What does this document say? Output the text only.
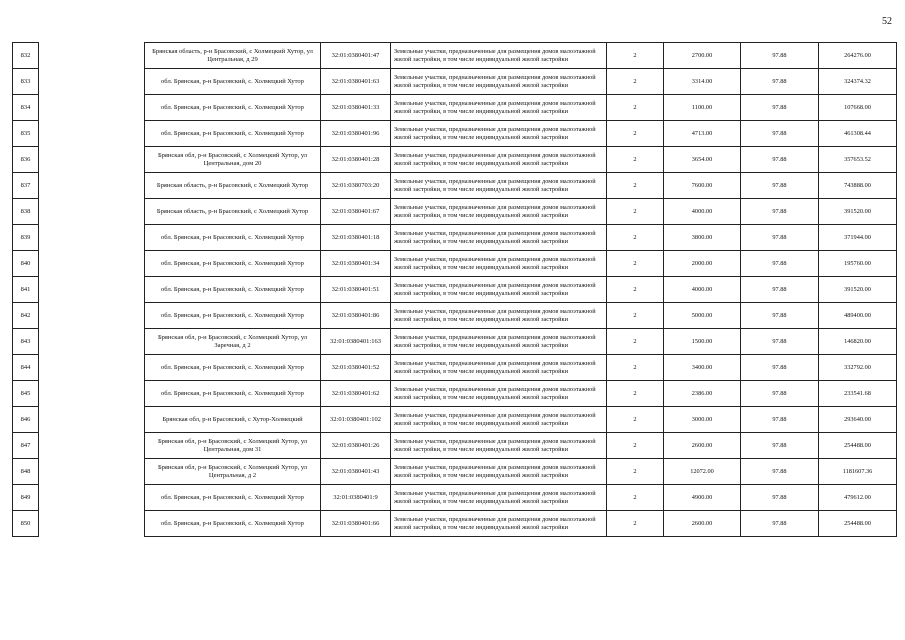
52
832		Брянская область, р-н Брасовский, с Холмецкий Хутор, ул Центральная, д 29	32:01:0380401:47	Земельные участки, предназначенные для размещения домов малоэтажной жилой застройки, в том числе индивидуальной жилой застройки	2	2700.00	97.88	264276.00
833		обл. Брянская, р-н Брасовский, с. Холмецкий Хутор	32:01:0380401:63	Земельные участки, предназначенные для размещения домов малоэтажной жилой застройки, в том числе индивидуальной жилой застройки	2	3314.00	97.88	324374.32
834		обл. Брянская, р-н Брасовский, с. Холмецкий Хутор	32:01:0380401:33	Земельные участки, предназначенные для размещения домов малоэтажной жилой застройки, в том числе индивидуальной жилой застройки	2	1100.00	97.88	107668.00
835		обл. Брянская, р-н Брасовский, с. Холмецкий Хутор	32:01:0380401:96	Земельные участки, предназначенные для размещения домов малоэтажной жилой застройки, в том числе индивидуальной жилой застройки	2	4713.00	97.88	461308.44
836		Брянская обл, р-н Брасовский, с Холмецкий Хутор, ул Центральная, дом 20	32:01:0380401:28	Земельные участки, предназначенные для размещения домов малоэтажной жилой застройки, в том числе индивидуальной жилой застройки	2	3654.00	97.88	357653.52
837		Брянская область, р-н Брасовский, с Холмецкий Хутор	32:01:0380703:20	Земельные участки, предназначенные для размещения домов малоэтажной жилой застройки, в том числе индивидуальной жилой застройки	2	7600.00	97.88	743888.00
838		Брянская область, р-н Брасовский, с Холмецкий Хутор	32:01:0380401:67	Земельные участки, предназначенные для размещения домов малоэтажной жилой застройки, в том числе индивидуальной жилой застройки	2	4000.00	97.88	391520.00
839		обл. Брянская, р-н Брасовский, с. Холмецкий Хутор	32:01:0380401:18	Земельные участки, предназначенные для размещения домов малоэтажной жилой застройки, в том числе индивидуальной жилой застройки	2	3800.00	97.88	371944.00
840		обл. Брянская, р-н Брасовский, с. Холмецкий Хутор	32:01:0380401:34	Земельные участки, предназначенные для размещения домов малоэтажной жилой застройки, в том числе индивидуальной жилой застройки	2	2000.00	97.88	195760.00
841		обл. Брянская, р-н Брасовский, с. Холмецкий Хутор	32:01:0380401:51	Земельные участки, предназначенные для размещения домов малоэтажной жилой застройки, в том числе индивидуальной жилой застройки	2	4000.00	97.88	391520.00
842		обл. Брянская, р-н Брасовский, с. Холмецкий Хутор	32:01:0380401:86	Земельные участки, предназначенные для размещения домов малоэтажной жилой застройки, в том числе индивидуальной жилой застройки	2	5000.00	97.88	489400.00
843		Брянская обл, р-н Брасовский, с Холмецкий Хутор, ул Заречная, д 2	32:01:0380401:163	Земельные участки, предназначенные для размещения домов малоэтажной жилой застройки, в том числе индивидуальной жилой застройки	2	1500.00	97.88	146820.00
844		обл. Брянская, р-н Брасовский, с. Холмецкий Хутор	32:01:0380401:52	Земельные участки, предназначенные для размещения домов малоэтажной жилой застройки, в том числе индивидуальной жилой застройки	2	3400.00	97.88	332792.00
845		обл. Брянская, р-н Брасовский, с. Холмецкий Хутор	32:01:0380401:62	Земельные участки, предназначенные для размещения домов малоэтажной жилой застройки, в том числе индивидуальной жилой застройки	2	2386.00	97.88	233541.68
846		Брянская обл, р-н Брасовский, с Хутор-Холмецкий	32:01:0380401:102	Земельные участки, предназначенные для размещения домов малоэтажной жилой застройки, в том числе индивидуальной жилой застройки	2	3000.00	97.88	293640.00
847		Брянская обл, р-н Брасовский, с Холмецкий Хутор, ул Центральная, дом 31	32:01:0380401:26	Земельные участки, предназначенные для размещения домов малоэтажной жилой застройки, в том числе индивидуальной жилой застройки	2	2600.00	97.88	254488.00
848		Брянская обл, р-н Брасовский, с Холмецкий Хутор, ул Центральная, д 2	32:01:0380401:43	Земельные участки, предназначенные для размещения домов малоэтажной жилой застройки, в том числе индивидуальной жилой застройки	2	12072.00	97.88	1181607.36
849		обл. Брянская, р-н Брасовский, с. Холмецкий Хутор	32:01:0380401:9	Земельные участки, предназначенные для размещения домов малоэтажной жилой застройки, в том числе индивидуальной жилой застройки	2	4900.00	97.88	479612.00
850		обл. Брянская, р-н Брасовский, с. Холмецкий Хутор	32:01:0380401:66	Земельные участки, предназначенные для размещения домов малоэтажной жилой застройки, в том числе индивидуальной жилой застройки	2	2600.00	97.88	254488.00
